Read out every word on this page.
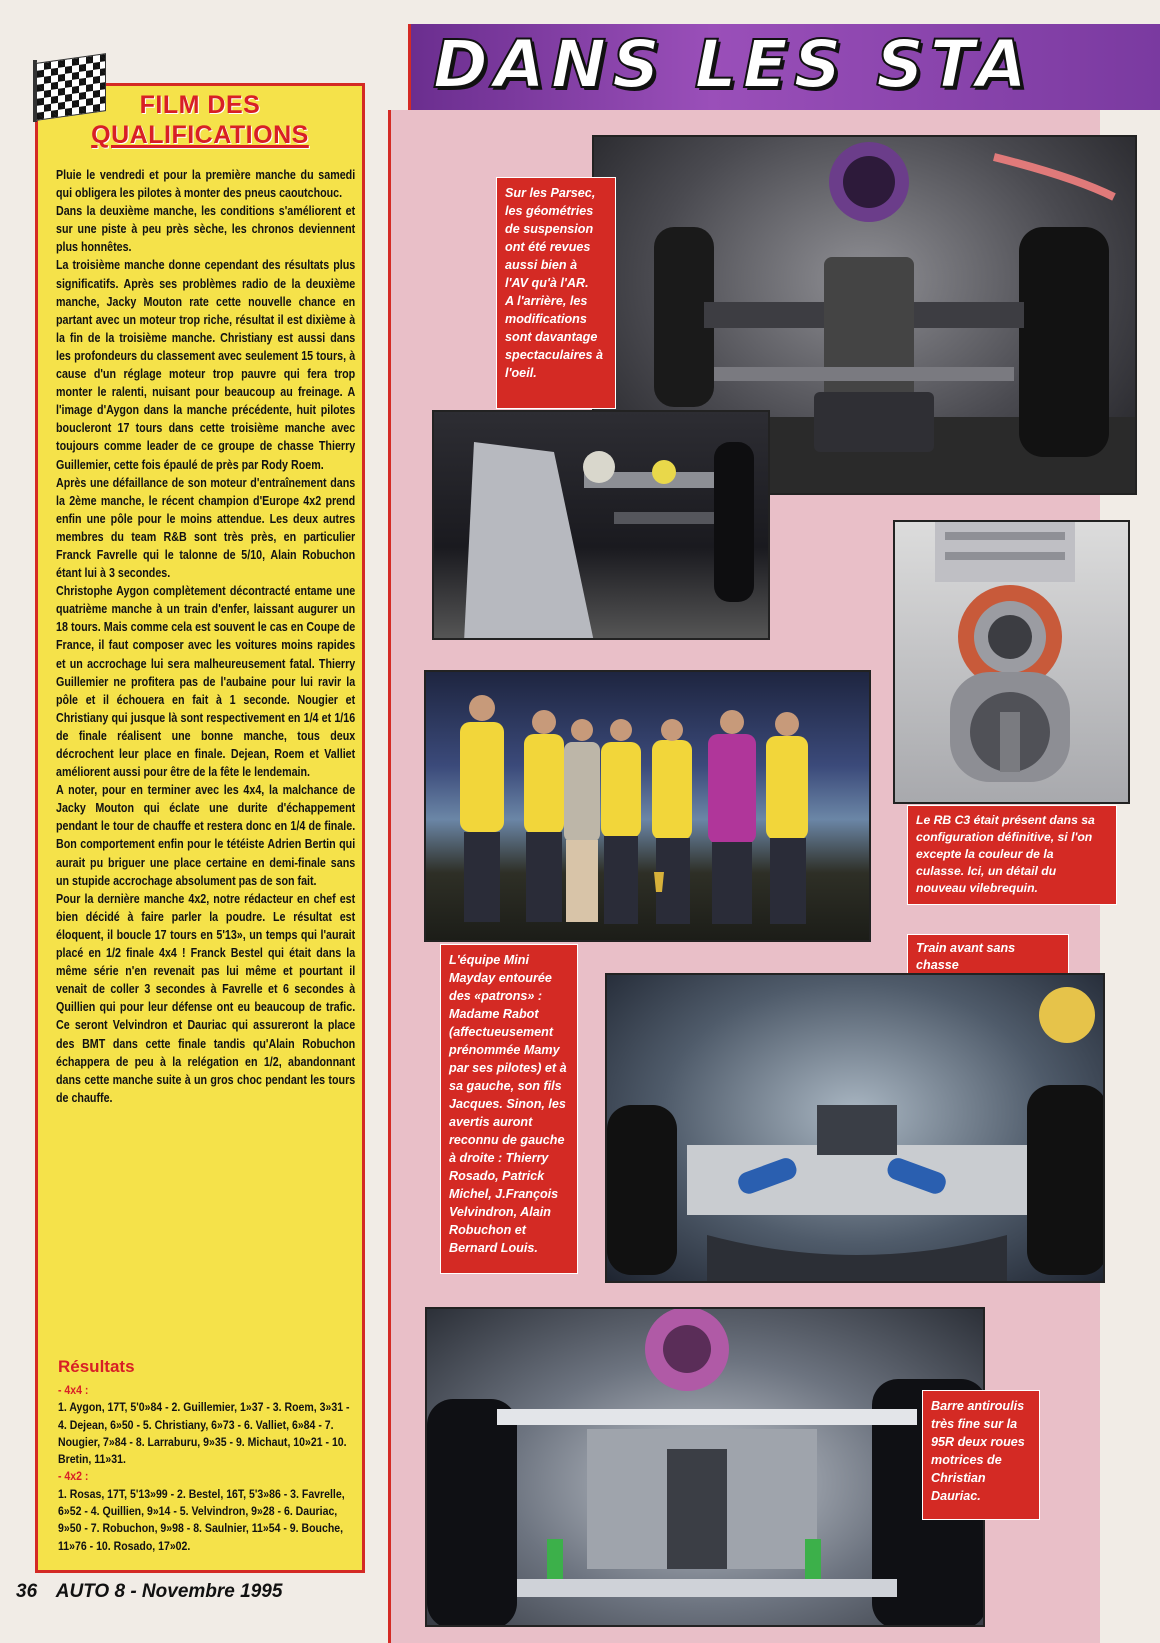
DANS LES STA
FILM DES
QUALIFICATIONS

Pluie le vendredi et pour la première manche du samedi qui obligera les pilotes à monter des pneus caoutchouc.

Dans la deuxième manche, les conditions s'améliorent et sur une piste à peu près sèche, les chronos deviennent plus honnêtes.

La troisième manche donne cependant des résultats plus significatifs. Après ses problèmes radio de la deuxième manche, Jacky Mouton rate cette nouvelle chance en partant avec un moteur trop riche, résultat il est dixième à la fin de la troisième manche. Christiany est aussi dans les profondeurs du classement avec seulement 15 tours, à cause d'un réglage moteur trop pauvre qui fera trop monter le ralenti, nuisant pour beaucoup au freinage. A l'image d'Aygon dans la manche précédente, huit pilotes boucleront 17 tours dans cette troisième manche avec toujours comme leader de ce groupe de chasse Thierry Guillemier, cette fois épaulé de près par Rody Roem.

Après une défaillance de son moteur d'entraînement dans la 2ème manche, le récent champion d'Europe 4x2 prend enfin une pôle pour le moins attendue. Les deux autres membres du team R&B sont très près, en particulier Franck Favrelle qui le talonne de 5/10, Alain Robuchon étant lui à 3 secondes.

Christophe Aygon complètement décontracté entame une quatrième manche à un train d'enfer, laissant augurer un 18 tours. Mais comme cela est souvent le cas en Coupe de France, il faut composer avec les voitures moins rapides et un accrochage lui sera malheureusement fatal. Thierry Guillemier ne profitera pas de l'aubaine pour lui ravir la pôle et il échouera en fait à 1 seconde. Nougier et Christiany qui jusque là sont respectivement en 1/4 et 1/16 de finale réalisent une bonne manche, tous deux décrochent leur place en finale. Dejean, Roem et Valliet améliorent aussi pour être de la fête le lendemain.

A noter, pour en terminer avec les 4x4, la malchance de Jacky Mouton qui éclate une durite d'échappement pendant le tour de chauffe et restera donc en 1/4 de finale. Bon comportement enfin pour le tétéiste Adrien Bertin qui aurait pu briguer une place certaine en demi-finale sans un stupide accrochage absolument pas de son fait.

Pour la dernière manche 4x2, notre rédacteur en chef est bien décidé à faire parler la poudre. Le résultat est éloquent, il boucle 17 tours en 5'13», un temps qui l'aurait placé en 1/2 finale 4x4 ! Franck Bestel qui était dans la même série n'en revenait pas lui même et pourtant il venait de coller 3 secondes à Favrelle et 6 secondes à Quillien qui pour leur défense ont eu beaucoup de trafic. Ce seront Velvindron et Dauriac qui assureront la place des BMT dans cette finale tandis qu'Alain Robuchon échappera de peu à la relégation en 1/2, abandonnant dans cette manche suite à un gros choc pendant les tours de chauffe.

Résultats

- 4x4 :

1. Aygon, 17T, 5'0»84 - 2. Guillemier, 1»37 - 3. Roem, 3»31 - 4. Dejean, 6»50 - 5. Christiany, 6»73 - 6. Valliet, 6»84 - 7. Nougier, 7»84 - 8. Larraburu, 9»35 - 9. Michaut, 10»21 - 10. Bretin, 11»31.

- 4x2 :

1. Rosas, 17T, 5'13»99 - 2. Bestel, 16T, 5'3»86 - 3. Favrelle, 6»52 - 4. Quillien, 9»14 - 5. Velvindron, 9»28 - 6. Dauriac, 9»50 - 7. Robuchon, 9»98 - 8. Saulnier, 11»54 - 9. Bouche, 11»76 - 10. Rosado, 17»02.

Sur les Parsec,
les géométries
de suspension
ont été revues
aussi bien à
l'AV qu'à l'AR.
A l'arrière, les
modifications
sont davantage
spectaculaires à
l'oeil.
Le RB C3 était présent dans sa
configuration définitive, si l'on
excepte la couleur de la
culasse. Ici, un détail du
nouveau vilebrequin.
L'équipe Mini
Mayday entourée
des «patrons» :
Madame Rabot
(affectueusement
prénommée Mamy
par ses pilotes) et à
sa gauche, son fils
Jacques. Sinon, les
avertis auront
reconnu de gauche
à droite : Thierry
Rosado, Patrick
Michel, J.François
Velvindron, Alain
Robuchon et
Bernard Louis.
Train avant sans chasse
Barre antiroulis
très fine sur la
95R deux roues
motrices de
Christian
Dauriac.
36 AUTO 8 - Novembre 1995
